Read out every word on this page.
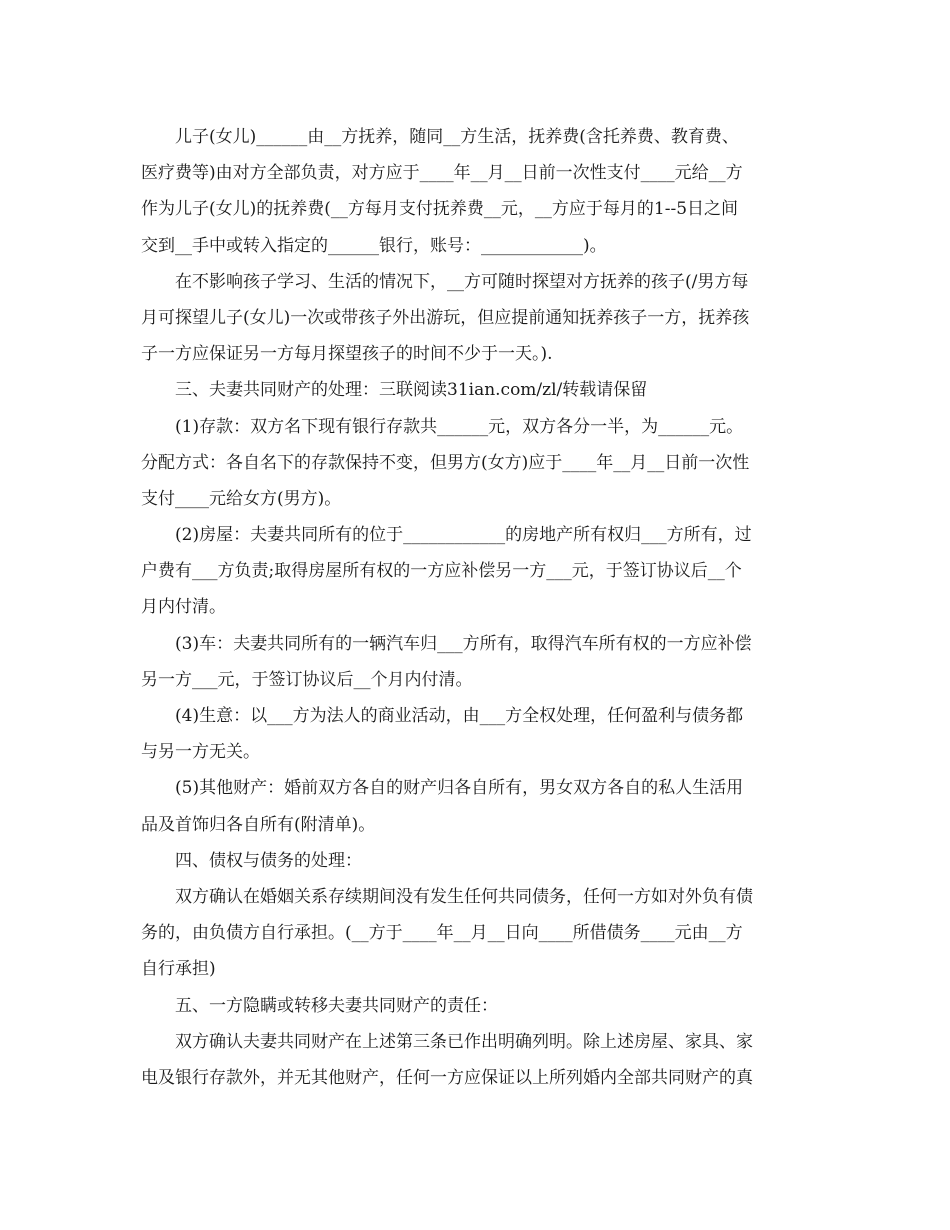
儿子(女儿)______由__方抚养，随同__方生活，抚养费(含托养费、教育费、
医疗费等)由对方全部负责，对方应于____年__月__日前一次性支付____元给__方
作为儿子(女儿)的抚养费(__方每月支付抚养费__元，__方应于每月的1--5日之间
交到__手中或转入指定的______银行，账号：____________)。
在不影响孩子学习、生活的情况下，__方可随时探望对方抚养的孩子(/男方每
月可探望儿子(女儿)一次或带孩子外出游玩，但应提前通知抚养孩子一方，抚养孩
子一方应保证另一方每月探望孩子的时间不少于一天。).
三、夫妻共同财产的处理：三联阅读31ian.com/zl/转载请保留
(1)存款：双方名下现有银行存款共______元，双方各分一半，为______元。
分配方式：各自名下的存款保持不变，但男方(女方)应于____年__月__日前一次性
支付____元给女方(男方)。
(2)房屋：夫妻共同所有的位于____________的房地产所有权归___方所有，过
户费有___方负责;取得房屋所有权的一方应补偿另一方___元，于签订协议后__个
月内付清。
(3)车：夫妻共同所有的一辆汽车归___方所有，取得汽车所有权的一方应补偿
另一方___元，于签订协议后__个月内付清。
(4)生意：以___方为法人的商业活动，由___方全权处理，任何盈利与债务都
与另一方无关。
(5)其他财产：婚前双方各自的财产归各自所有，男女双方各自的私人生活用
品及首饰归各自所有(附清单)。
四、债权与债务的处理：
双方确认在婚姻关系存续期间没有发生任何共同债务，任何一方如对外负有债
务的，由负债方自行承担。(__方于____年__月__日向____所借债务____元由__方
自行承担)
五、一方隐瞒或转移夫妻共同财产的责任：
双方确认夫妻共同财产在上述第三条已作出明确列明。除上述房屋、家具、家
电及银行存款外，并无其他财产，任何一方应保证以上所列婚内全部共同财产的真
